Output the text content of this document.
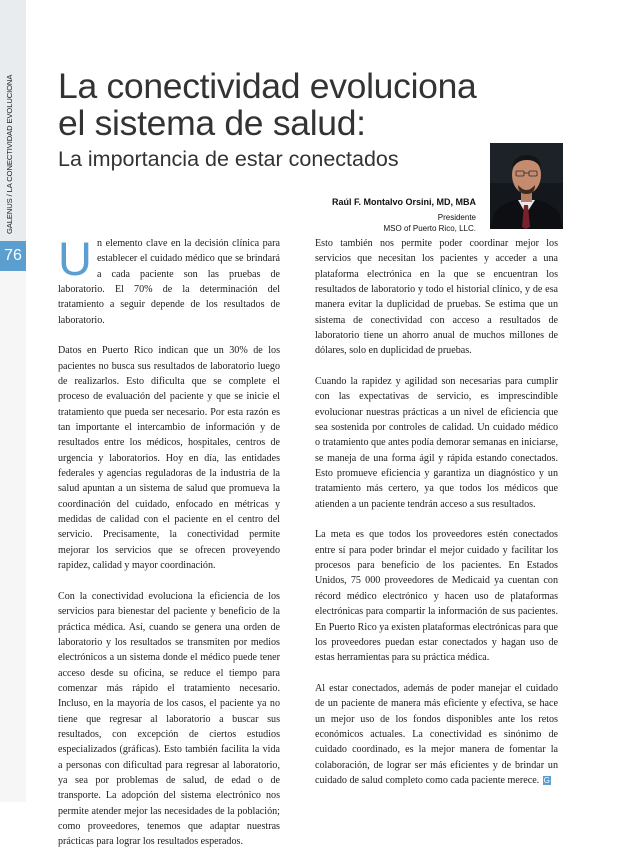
GALENUS / LA CONECTIVIDAD EVOLUCIONA
76
La conectividad evoluciona
el sistema de salud:
La importancia de estar conectados
Raúl F. Montalvo Orsini, MD, MBA
Presidente
MSO of Puerto Rico, LLC.

Un elemento clave en la decisión clínica para establecer el cuidado médico que se brindará a cada paciente son las pruebas de laboratorio. El 70% de la determinación del tratamiento a seguir depende de los resultados de laboratorio.

Datos en Puerto Rico indican que un 30% de los pacientes no busca sus resultados de laboratorio luego de realizarlos. Esto dificulta que se complete el proceso de evaluación del paciente y que se inicie el tratamiento que pueda ser necesario. Por esta razón es tan importante el intercambio de información y de resultados entre los médicos, hospitales, centros de urgencia y laboratorios. Hoy en día, las entidades federales y agencias reguladoras de la industria de la salud apuntan a un sistema de salud que promueva la coordinación del cuidado, enfocado en métricas y medidas de calidad con el paciente en el centro del servicio. Precisamente, la conectividad permite mejorar los servicios que se ofrecen proveyendo rapidez, calidad y mayor coordinación.

Con la conectividad evoluciona la eficiencia de los servicios para bienestar del paciente y beneficio de la práctica médica. Así, cuando se genera una orden de laboratorio y los resultados se transmiten por medios electrónicos a un sistema donde el médico puede tener acceso desde su oficina, se reduce el tiempo para comenzar más rápido el tratamiento necesario. Incluso, en la mayoría de los casos, el paciente ya no tiene que regresar al laboratorio a buscar sus resultados, con excepción de ciertos estudios especializados (gráficas). Esto también facilita la vida a personas con dificultad para regresar al laboratorio, ya sea por problemas de salud, de edad o de transporte. La adopción del sistema electrónico nos permite atender mejor las necesidades de la población; como proveedores, tenemos que adaptar nuestras prácticas para lograr los resultados esperados.

Esto también nos permite poder coordinar mejor los servicios que necesitan los pacientes y acceder a una plataforma electrónica en la que se encuentran los resultados de laboratorio y todo el historial clínico, y de esa manera evitar la duplicidad de pruebas. Se estima que un sistema de conectividad con acceso a resultados de laboratorio tiene un ahorro anual de muchos millones de dólares, solo en duplicidad de pruebas.

Cuando la rapidez y agilidad son necesarias para cumplir con las expectativas de servicio, es imprescindible evolucionar nuestras prácticas a un nivel de eficiencia que sea sostenida por controles de calidad. Un cuidado médico o tratamiento que antes podía demorar semanas en iniciarse, se maneja de una forma ágil y rápida estando conectados. Esto promueve eficiencia y garantiza un diagnóstico y un tratamiento más certero, ya que todos los médicos que atienden a un paciente tendrán acceso a sus resultados.

La meta es que todos los proveedores estén conectados entre sí para poder brindar el mejor cuidado y facilitar los procesos para beneficio de los pacientes. En Estados Unidos, 75 000 proveedores de Medicaid ya cuentan con récord médico electrónico y hacen uso de plataformas electrónicas para compartir la información de sus pacientes. En Puerto Rico ya existen plataformas electrónicas para que los proveedores puedan estar conectados y hagan uso de estas herramientas para su práctica médica.

Al estar conectados, además de poder manejar el cuidado de un paciente de manera más eficiente y efectiva, se hace un mejor uso de los fondos disponibles ante los retos económicos actuales. La conectividad es sinónimo de cuidado coordinado, es la mejor manera de fomentar la colaboración, de lograr ser más eficientes y de brindar un cuidado de salud completo como cada paciente merece. G
